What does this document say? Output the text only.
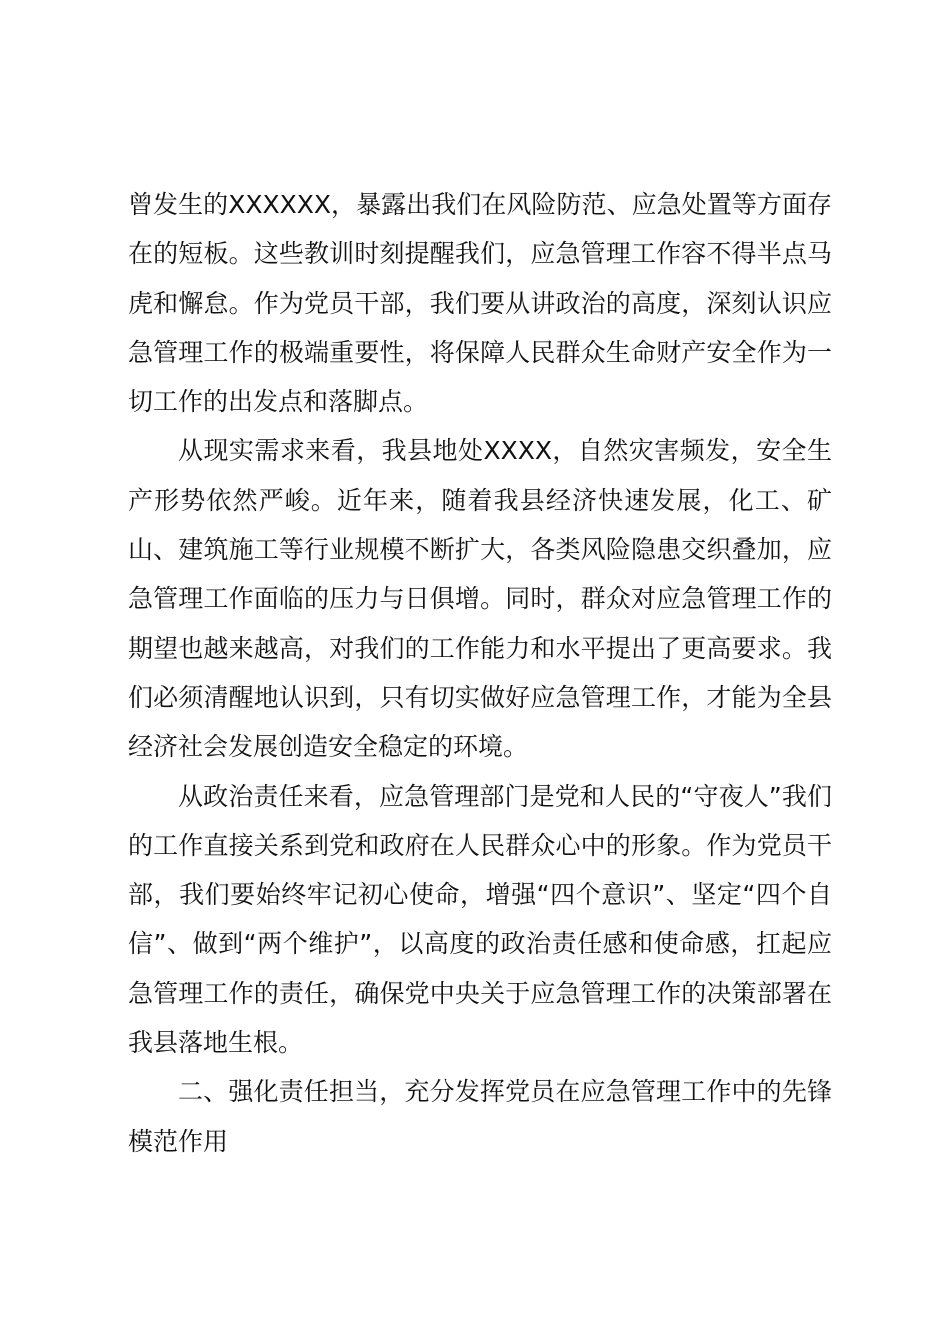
曾发生的XXXXXX，暴露出我们在风险防范、应急处置等方面存在的短板。这些教训时刻提醒我们，应急管理工作容不得半点马虎和懈怠。作为党员干部，我们要从讲政治的高度，深刻认识应急管理工作的极端重要性，将保障人民群众生命财产安全作为一切工作的出发点和落脚点。

从现实需求来看，我县地处XXXX，自然灾害频发，安全生产形势依然严峻。近年来，随着我县经济快速发展，化工、矿山、建筑施工等行业规模不断扩大，各类风险隐患交织叠加，应急管理工作面临的压力与日俱增。同时，群众对应急管理工作的期望也越来越高，对我们的工作能力和水平提出了更高要求。我们必须清醒地认识到，只有切实做好应急管理工作，才能为全县经济社会发展创造安全稳定的环境。

从政治责任来看，应急管理部门是党和人民的“守夜人”我们的工作直接关系到党和政府在人民群众心中的形象。作为党员干部，我们要始终牢记初心使命，增强“四个意识”、坚定“四个自信”、做到“两个维护”，以高度的政治责任感和使命感，扛起应急管理工作的责任，确保党中央关于应急管理工作的决策部署在我县落地生根。

二、强化责任担当，充分发挥党员在应急管理工作中的先锋模范作用
